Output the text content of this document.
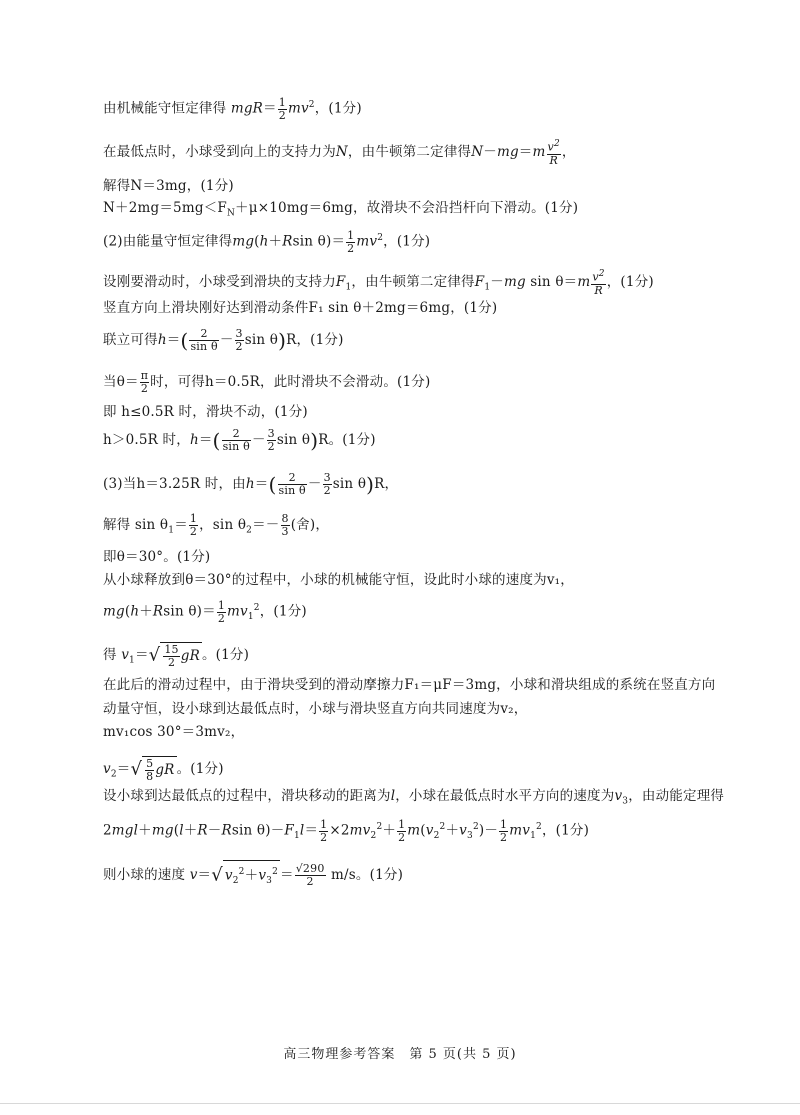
由机械能守恒定律得 $mgR= \frac{1}{2} mv^2$，(1分)
在最低点时，小球受到向上的支持力为N，由牛顿第二定律得$N-mg=m \frac{v^2}{R}$ ，
解得N＝3mg，(1分)
$N+2mg=5mg<F_N+\mu\times 10mg=6mg$，故滑块不会沿挡杆向下滑动。(1分)
(2)由能量守恒定律得mg(h＋Rsin $\theta)= \frac{1}{2} mv^2$，(1分)
设刚要滑动时，小球受到滑块的支持力$F_1$，由牛顿第二定律得$F_1-mg$ $\sin \theta=m \frac{v^2}{R}$ ，(1分)
竖直方向上滑块刚好达到滑动条件F₁ sin θ＋2mg＝6mg，(1分)
联立可得$h=( \frac{2}{\text{sin θ}} - \frac{3}{2}$ sin θ)R，(1分)
当$\theta= \frac{\pi}{2}$ 时，可得h＝0.5R，此时滑块不会滑动。(1分)
即 h≤0.5R 时，滑块不动，(1分)
h＞0.5R 时，$h=( \frac{2}{\text{sin θ}} - \frac{3}{2}$ sin θ)R。(1分)
(3)当h＝3.25R 时，由$h=( \frac{2}{\text{sin θ}} - \frac{3}{2}$ sin θ)R，
解得 $\sin \theta_1= \frac{1}{2}$ ，$\sin \theta_2=- \frac{8}{3}$ (舍)，
即θ＝30°。(1分)
从小球释放到θ＝30°的过程中，小球的机械能守恒，设此时小球的速度为v₁，
mg(h＋Rsin $\theta)= \frac{1}{2} mv_1^2$，(1分)
得 $v_1=√ \frac{15}{2}$ gR 。(1分)
在此后的滑动过程中，由于滑块受到的滑动摩擦力F₁＝μF＝3mg，小球和滑块组成的系统在竖直方向
动量守恒，设小球到达最低点时，小球与滑块竖直方向共同速度为v₂，
mv₁cos 30°＝3mv₂，
$v_2=√ \frac{5}{8}$ gR 。(1分)
设小球到达最低点的过程中，滑块移动的距离为l，小球在最低点时水平方向的速度为$v_3$，由动能定理得
2mgl＋mg(l＋R－Rsin $\theta)-F_1l= \frac{1}{2} \times 2mv_2^2+ \frac{1}{2} m(v_2^2+v_3^2)- \frac{1}{2} mv_1^2$，(1分)
则小球的速度 v＝√ $v_2^2+v_3^2 = \frac{√290}{2} m/s$。(1分)
高三物理参考答案　第 5 页(共 5 页)
